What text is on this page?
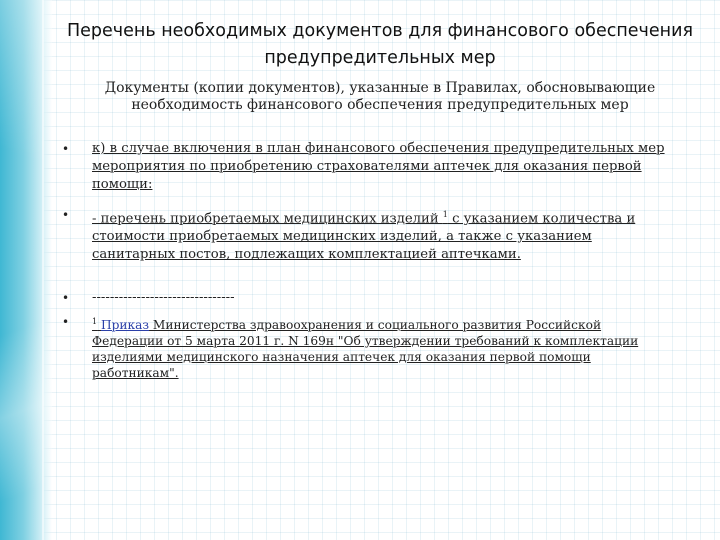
Перечень необходимых документов для финансового обеспечения предупредительных мер
Документы (копии документов), указанные в Правилах, обосновывающие необходимость финансового обеспечения предупредительных мер
•	к) в случае включения в план финансового обеспечения предупредительных мер мероприятия по приобретению страхователями аптечек для оказания первой помощи:
•	- перечень приобретаемых медицинских изделий $^1$ с указанием количества и стоимости приобретаемых медицинских изделий, а также с указанием санитарных постов, подлежащих комплектацией аптечками.
•	--------------------------------
•	$^1$ Приказ Министерства здравоохранения и социального развития Российской Федерации от 5 марта 2011 г. N 169н "Об утверждении требований к комплектации изделиями медицинского назначения аптечек для оказания первой помощи работникам".
